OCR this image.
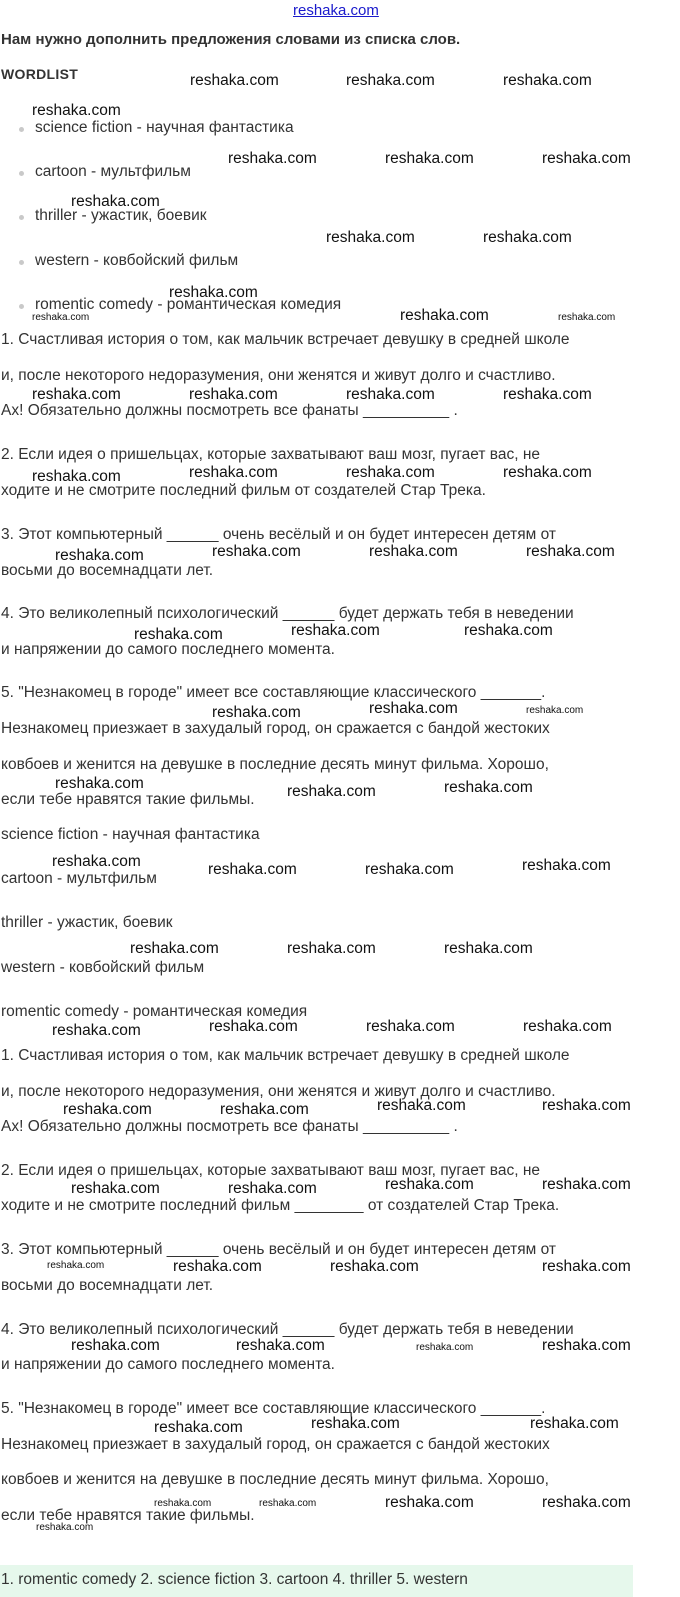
reshaka.com
Нам нужно дополнить предложения словами из списка слов.
WORDLIST
science fiction - научная фантастика
cartoon - мультфильм
thriller - ужастик, боевик
western - ковбойский фильм
romentic comedy - романтическая комедия
1. Счастливая история о том, как мальчик встречает девушку в средней школе
и, после некоторого недоразумения, они женятся и живут долго и счастливо.
Ах! Обязательно должны посмотреть все фанаты __________ .
2. Если идея о пришельцах, которые захватывают ваш мозг, пугает вас, не
ходите и не смотрите последний фильм от создателей Стар Трека.
3. Этот компьютерный ______ очень весёлый и он будет интересен детям от
восьми до восемнадцати лет.
4. Это великолепный психологический ______ будет держать тебя в неведении
и напряжении до самого последнего момента.
5. "Незнакомец в городе" имеет все составляющие классического _______.
Незнакомец приезжает в захудалый город, он сражается с бандой жестоких
ковбоев и женится на девушке в последние десять минут фильма. Хорошо,
если тебе нравятся такие фильмы.
science fiction - научная фантастика
cartoon - мультфильм
thriller - ужастик, боевик
western - ковбойский фильм
romentic comedy - романтическая комедия
1. Счастливая история о том, как мальчик встречает девушку в средней школе
и, после некоторого недоразумения, они женятся и живут долго и счастливо.
Ах! Обязательно должны посмотреть все фанаты __________ .
2. Если идея о пришельцах, которые захватывают ваш мозг, пугает вас, не
ходите и не смотрите последний фильм ________ от создателей Стар Трека.
3. Этот компьютерный ______ очень весёлый и он будет интересен детям от
восьми до восемнадцати лет.
4. Это великолепный психологический ______ будет держать тебя в неведении
и напряжении до самого последнего момента.
5. "Незнакомец в городе" имеет все составляющие классического _______.
Незнакомец приезжает в захудалый город, он сражается с бандой жестоких
ковбоев и женится на девушке в последние десять минут фильма. Хорошо,
если тебе нравятся такие фильмы.
1. romentic comedy 2. science fiction 3. cartoon 4. thriller 5. western
reshaka.com	reshaka.com	reshaka.com
reshaka.com
reshaka.com	reshaka.com	reshaka.com
reshaka.com
reshaka.com	reshaka.com
reshaka.com
reshaka.com
reshaka.com	reshaka.com
reshaka.com	reshaka.com	reshaka.com	reshaka.com
reshaka.com	reshaka.com	reshaka.com	reshaka.com
reshaka.com	reshaka.com	reshaka.com	reshaka.com
reshaka.com	reshaka.com	reshaka.com
reshaka.com	reshaka.com	reshaka.com
reshaka.com	reshaka.com	reshaka.com
reshaka.com	reshaka.com	reshaka.com	reshaka.com
reshaka.com	reshaka.com	reshaka.com
reshaka.com	reshaka.com	reshaka.com	reshaka.com
reshaka.com	reshaka.com	reshaka.com	reshaka.com
reshaka.com	reshaka.com	reshaka.com	reshaka.com
reshaka.com	reshaka.com	reshaka.com	reshaka.com
reshaka.com	reshaka.com	reshaka.com	reshaka.com
reshaka.com	reshaka.com	reshaka.com
reshaka.com	reshaka.com	reshaka.com	reshaka.com
reshaka.com
